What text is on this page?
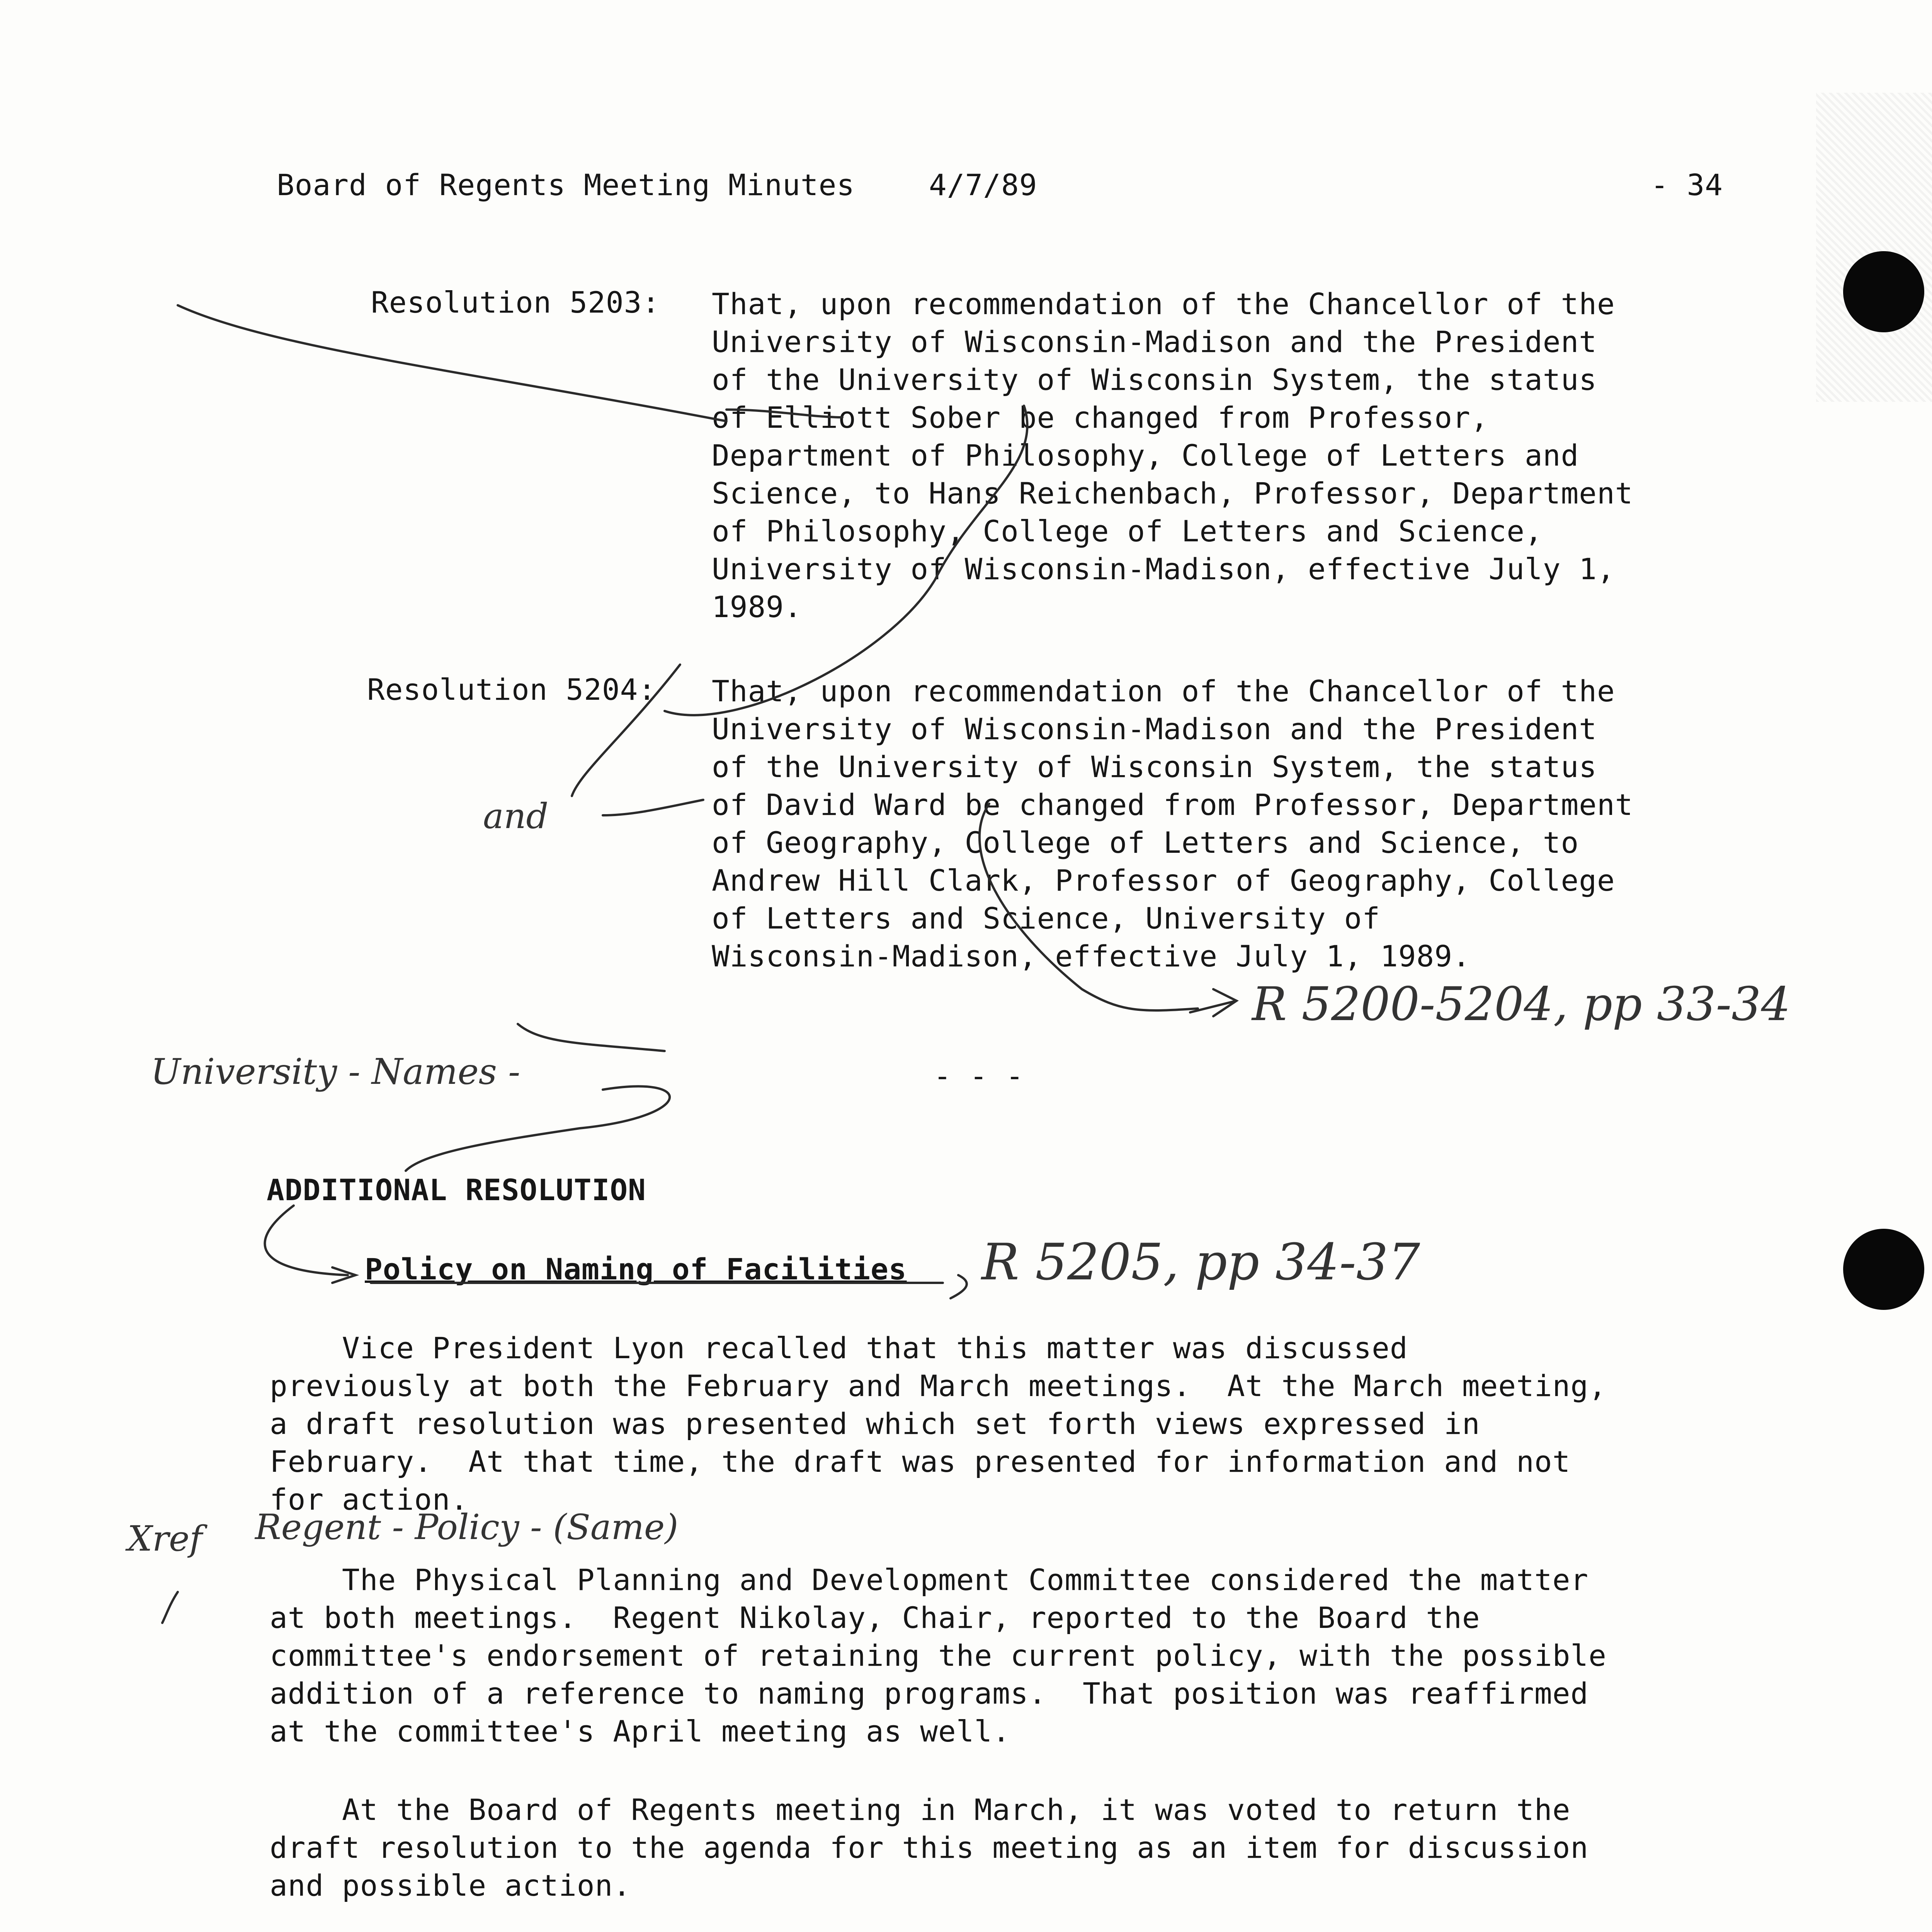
Board of Regents Meeting Minutes	4/7/89	- 34
Resolution 5203: That, upon recommendation of the Chancellor of the
University of Wisconsin-Madison and the President
of the University of Wisconsin System, the status
of Elliott Sober be changed from Professor,
Department of Philosophy, College of Letters and
Science, to Hans Reichenbach, Professor, Department
of Philosophy, College of Letters and Science,
University of Wisconsin-Madison, effective July 1,
1989.
Resolution 5204: That, upon recommendation of the Chancellor of the
University of Wisconsin-Madison and the President
of the University of Wisconsin System, the status
of David Ward be changed from Professor, Department
of Geography, College of Letters and Science, to
Andrew Hill Clark, Professor of Geography, College
of Letters and Science, University of
Wisconsin-Madison, effective July 1, 1989.
- - -
ADDITIONAL RESOLUTION
Policy on Naming of Facilities
Vice President Lyon recalled that this matter was discussed
previously at both the February and March meetings.  At the March meeting,
a draft resolution was presented which set forth views expressed in
February.  At that time, the draft was presented for information and not
for action.
The Physical Planning and Development Committee considered the matter
at both meetings.  Regent Nikolay, Chair, reported to the Board the
committee's endorsement of retaining the current policy, with the possible
addition of a reference to naming programs.  That position was reaffirmed
at the committee's April meeting as well.
At the Board of Regents meeting in March, it was voted to return the
draft resolution to the agenda for this meeting as an item for discussion
and possible action.
and
R 5200-5204, pp 33-34
University - Names -
R 5205, pp 34-37
Xref Regent - Policy - (Same)
